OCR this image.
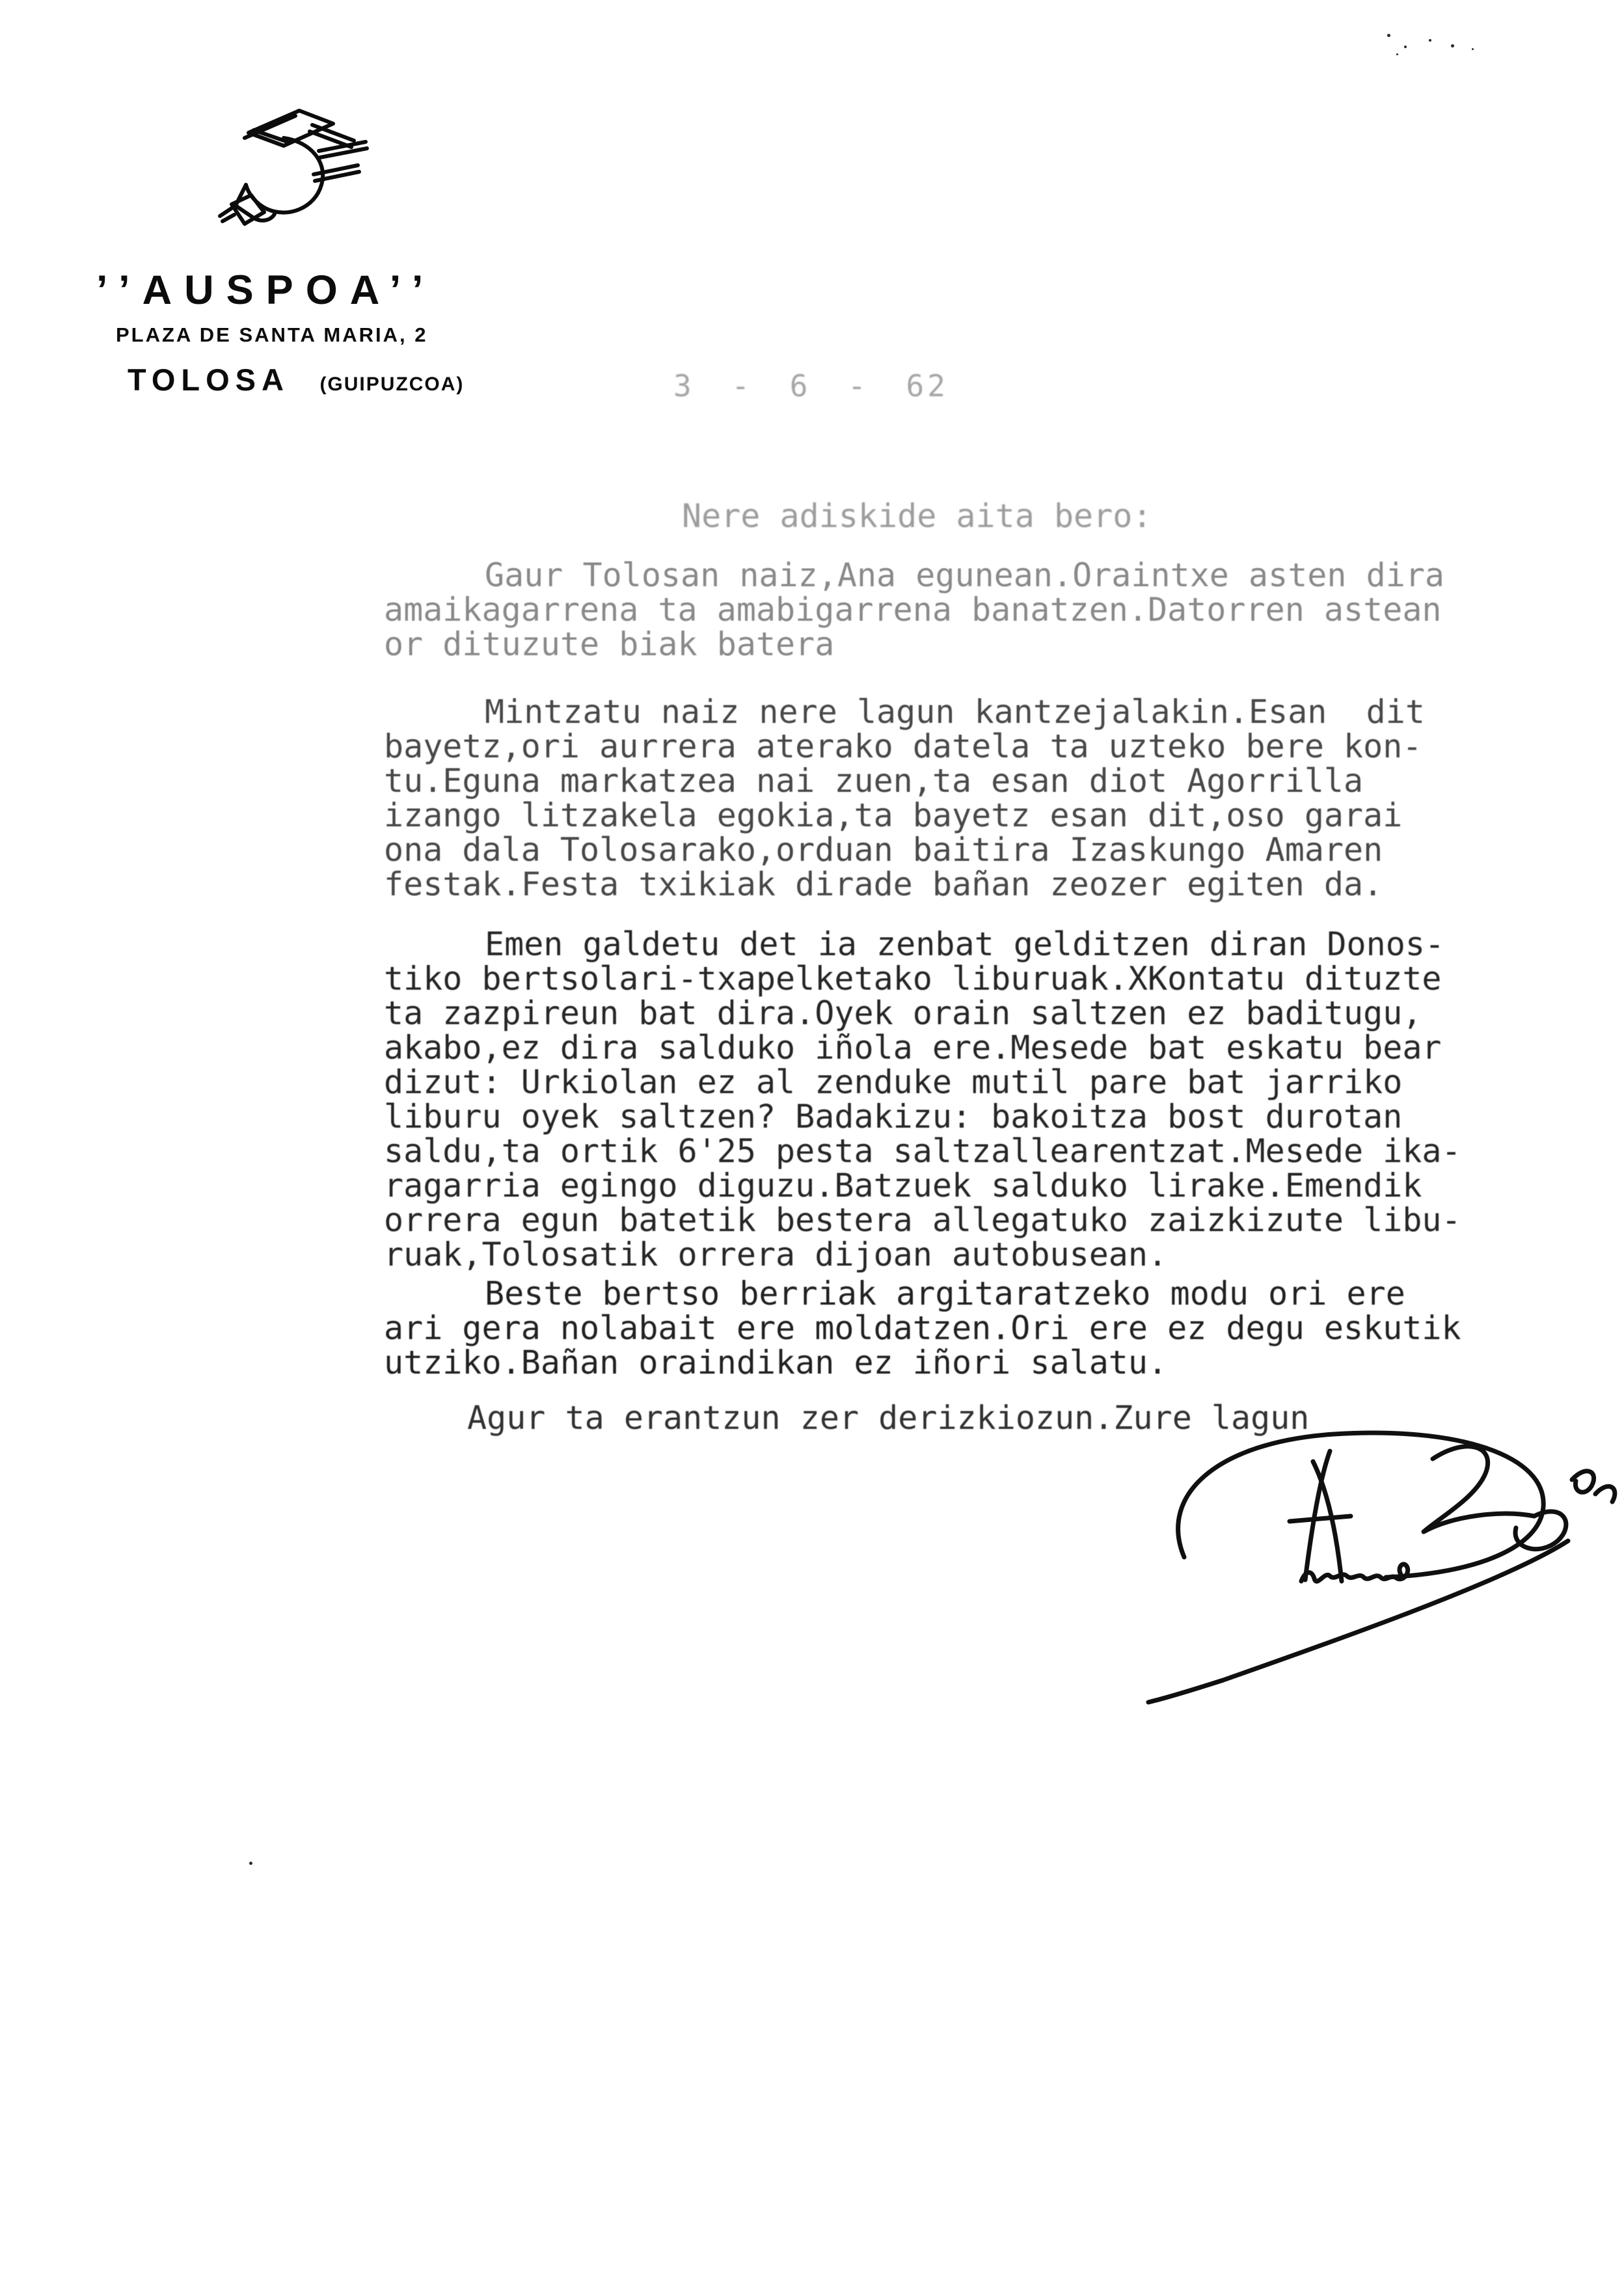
’’AUSPOA’’
PLAZA DE SANTA MARIA, 2
TOLOSA (GUIPUZCOA)	3 - 6 - 62
Nere adiskide aita bero:
Gaur Tolosan naiz,Ana egunean.Oraintxe asten dira
amaikagarrena ta amabigarrena banatzen.Datorren astean
or dituzute biak batera
Mintzatu naiz nere lagun kantzejalakin.Esan  dit
bayetz,ori aurrera aterako datela ta uzteko bere kon-
tu.Eguna markatzea nai zuen,ta esan diot Agorrilla
izango litzakela egokia,ta bayetz esan dit,oso garai
ona dala Tolosarako,orduan baitira Izaskungo Amaren
festak.Festa txikiak dirade bañan zeozer egiten da.
Emen galdetu det ia zenbat gelditzen diran Donos-
tiko bertsolari-txapelketako liburuak.XKontatu dituzte
ta zazpireun bat dira.Oyek orain saltzen ez baditugu,
akabo,ez dira salduko iñola ere.Mesede bat eskatu bear
dizut: Urkiolan ez al zenduke mutil pare bat jarriko
liburu oyek saltzen? Badakizu: bakoitza bost durotan
saldu,ta ortik 6'25 pesta saltzallearentzat.Mesede ika-
ragarria egingo diguzu.Batzuek salduko lirake.Emendik
orrera egun batetik bestera allegatuko zaizkizute libu-
ruak,Tolosatik orrera dijoan autobusean.
Beste bertso berriak argitaratzeko modu ori ere
ari gera nolabait ere moldatzen.Ori ere ez degu eskutik
utziko.Bañan oraindikan ez iñori salatu.
Agur ta erantzun zer derizkiozun.Zure lagun
